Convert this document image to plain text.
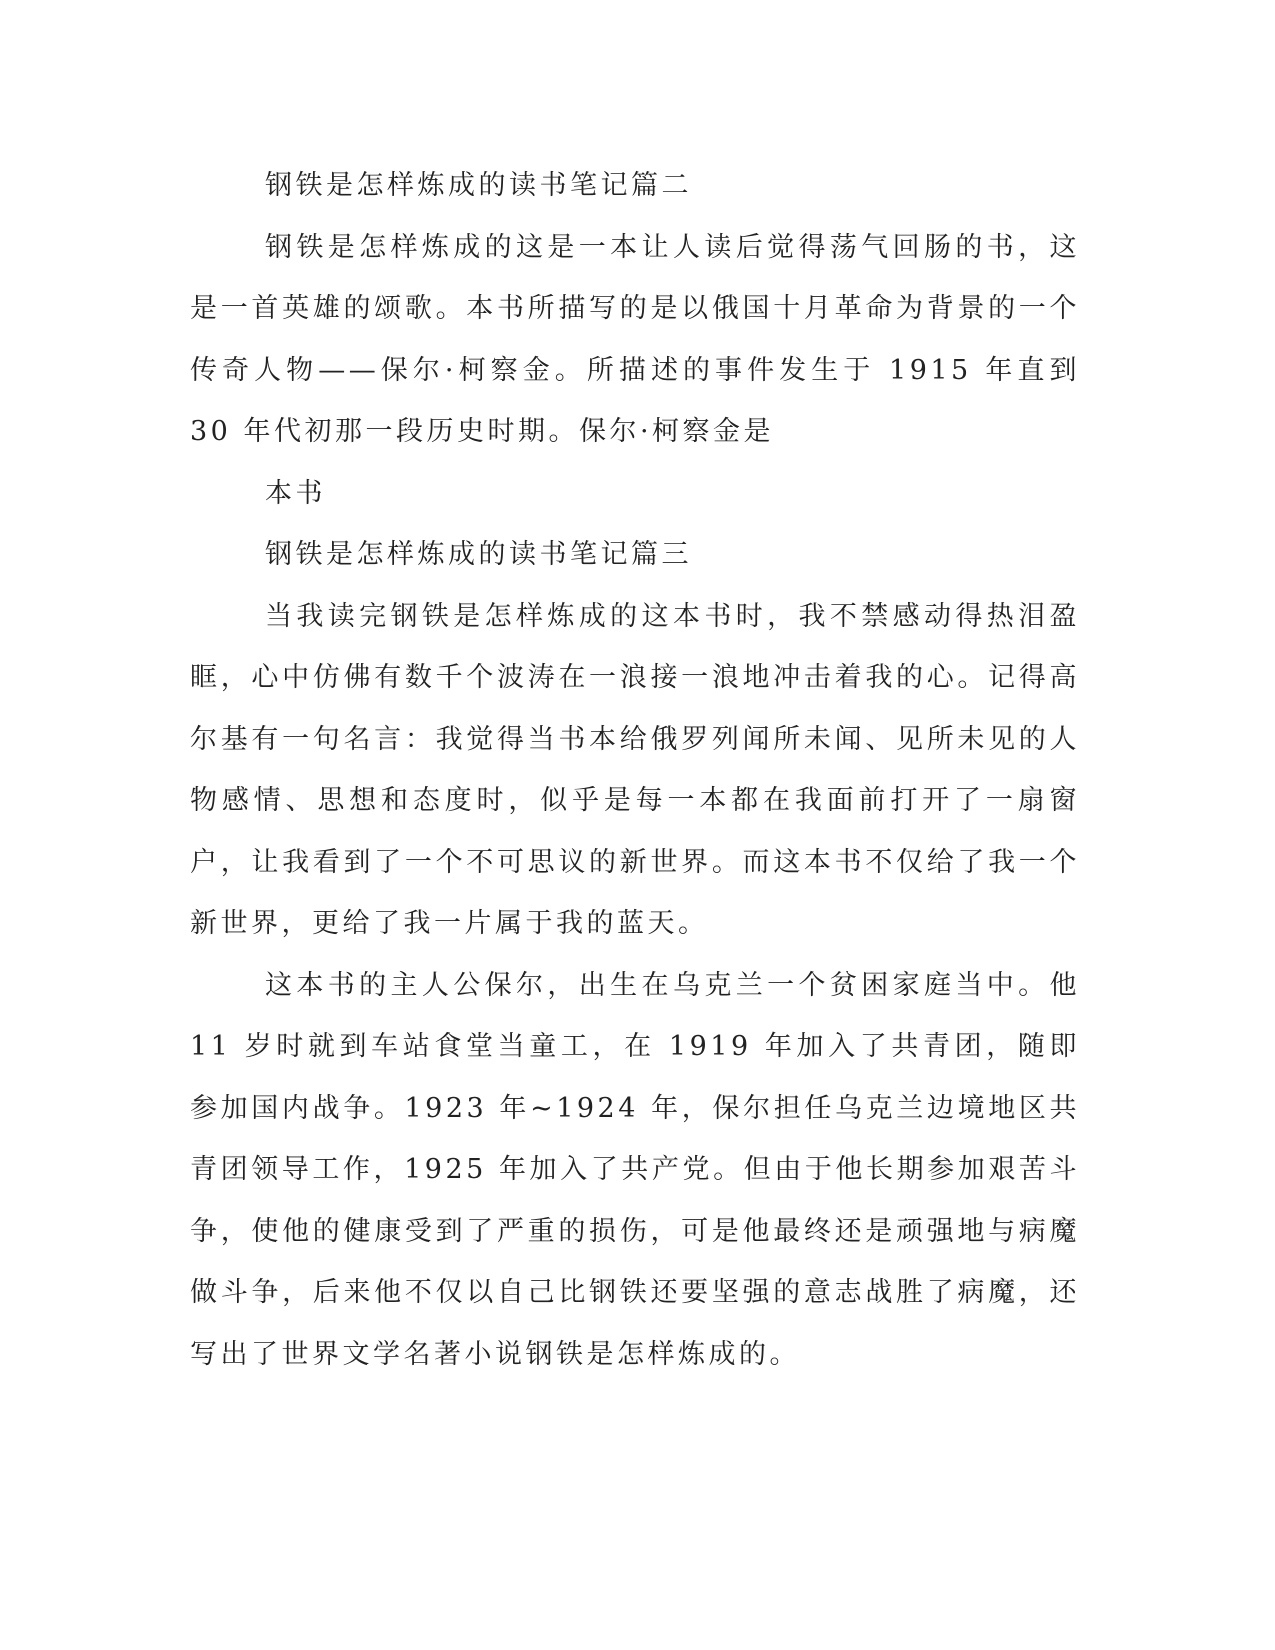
钢铁是怎样炼成的读书笔记篇二

钢铁是怎样炼成的这是一本让人读后觉得荡气回肠的书，这是一首英雄的颂歌。本书所描写的是以俄国十月革命为背景的一个传奇人物——保尔·柯察金。所描述的事件发生于 1915 年直到 30 年代初那一段历史时期。保尔·柯察金是

本书

钢铁是怎样炼成的读书笔记篇三

当我读完钢铁是怎样炼成的这本书时，我不禁感动得热泪盈眶，心中仿佛有数千个波涛在一浪接一浪地冲击着我的心。记得高尔基有一句名言：我觉得当书本给俄罗列闻所未闻、见所未见的人物感情、思想和态度时，似乎是每一本都在我面前打开了一扇窗户，让我看到了一个不可思议的新世界。而这本书不仅给了我一个新世界，更给了我一片属于我的蓝天。

这本书的主人公保尔，出生在乌克兰一个贫困家庭当中。他 11 岁时就到车站食堂当童工，在 1919 年加入了共青团，随即参加国内战争。1923 年~1924 年，保尔担任乌克兰边境地区共青团领导工作，1925 年加入了共产党。但由于他长期参加艰苦斗争，使他的健康受到了严重的损伤，可是他最终还是顽强地与病魔做斗争，后来他不仅以自己比钢铁还要坚强的意志战胜了病魔，还写出了世界文学名著小说钢铁是怎样炼成的。
